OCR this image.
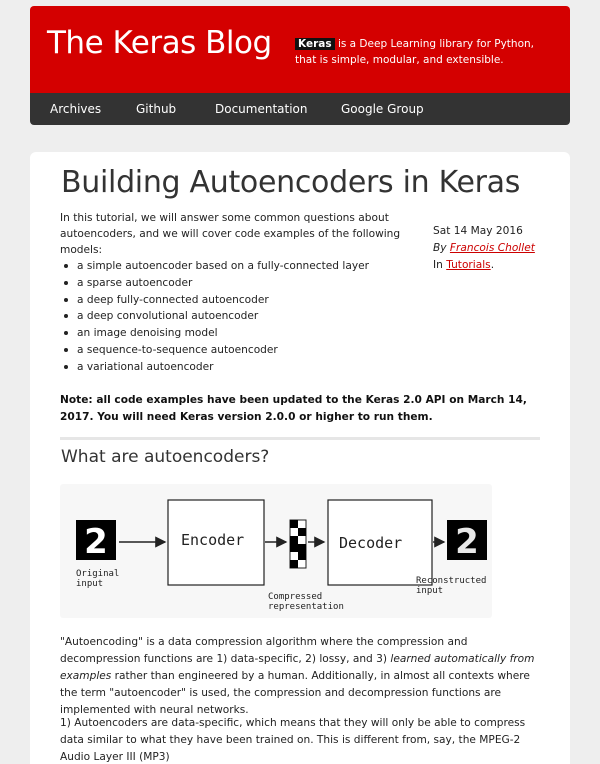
The Keras Blog	Keras is a Deep Learning library for Python, that is simple, modular, and extensible.
Archives	Github	Documentation	Google Group
Building Autoencoders in Keras

In this tutorial, we will answer some common questions about autoencoders, and we will cover code examples of the following models:

a simple autoencoder based on a fully-connected layer
a sparse autoencoder
a deep fully-connected autoencoder
a deep convolutional autoencoder
an image denoising model
a sequence-to-sequence autoencoder
a variational autoencoder
Sat 14 May 2016
By Francois Chollet
In Tutorials.

Note: all code examples have been updated to the Keras 2.0 API on March 14, 2017. You will need Keras version 2.0.0 or higher to run them.

What are autoencoders?
2	2
Encoder	Decoder
Original
input
Compressed
representation
Reconstructed
input

"Autoencoding" is a data compression algorithm where the compression and decompression functions are 1) data-specific, 2) lossy, and 3) learned automatically from examples rather than engineered by a human. Additionally, in almost all contexts where the term "autoencoder" is used, the compression and decompression functions are implemented with neural networks.

1) Autoencoders are data-specific, which means that they will only be able to compress data similar to what they have been trained on. This is different from, say, the MPEG-2 Audio Layer III (MP3)
